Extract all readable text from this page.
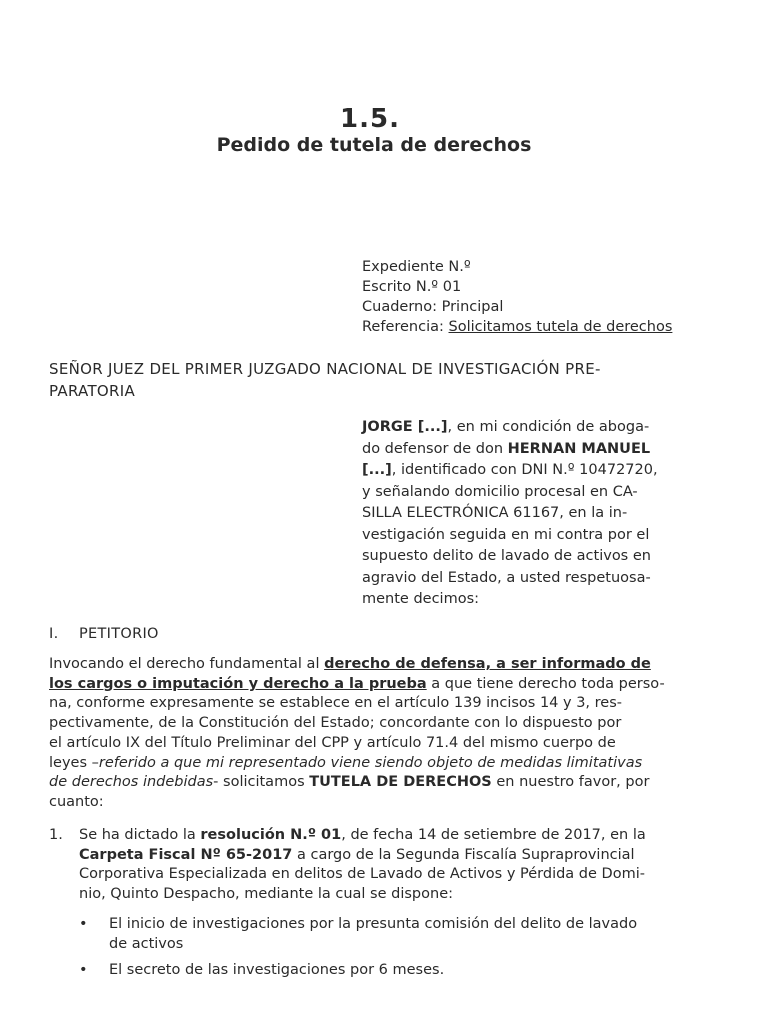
1.5.
Pedido de tutela de derechos
Expediente N.º
Escrito N.º 01
Cuaderno: Principal
Referencia: Solicitamos tutela de derechos
SEÑOR JUEZ DEL PRIMER JUZGADO NACIONAL DE INVESTIGACIÓN PRE-
PARATORIA
JORGE [...], en mi condición de aboga-
do defensor de don HERNAN MANUEL
[...], identificado con DNI N.º 10472720,
y señalando domicilio procesal en CA-
SILLA ELECTRÓNICA 61167, en la in-
vestigación seguida en mi contra por el
supuesto delito de lavado de activos en
agravio del Estado, a usted respetuosa-
mente decimos:
I. PETITORIO
Invocando el derecho fundamental al derecho de defensa, a ser informado de
los cargos o imputación y derecho a la prueba a que tiene derecho toda perso-
na, conforme expresamente se establece en el artículo 139 incisos 14 y 3, res-
pectivamente, de la Constitución del Estado; concordante con lo dispuesto por
el artículo IX del Título Preliminar del CPP y artículo 71.4 del mismo cuerpo de
leyes –referido a que mi representado viene siendo objeto de medidas limitativas
de derechos indebidas- solicitamos TUTELA DE DERECHOS en nuestro favor, por
cuanto:
1. Se ha dictado la resolución N.º 01, de fecha 14 de setiembre de 2017, en la
Carpeta Fiscal Nº 65-2017 a cargo de la Segunda Fiscalía Supraprovincial
Corporativa Especializada en delitos de Lavado de Activos y Pérdida de Domi-
nio, Quinto Despacho, mediante la cual se dispone:
• El inicio de investigaciones por la presunta comisión del delito de lavado
de activos
• El secreto de las investigaciones por 6 meses.
